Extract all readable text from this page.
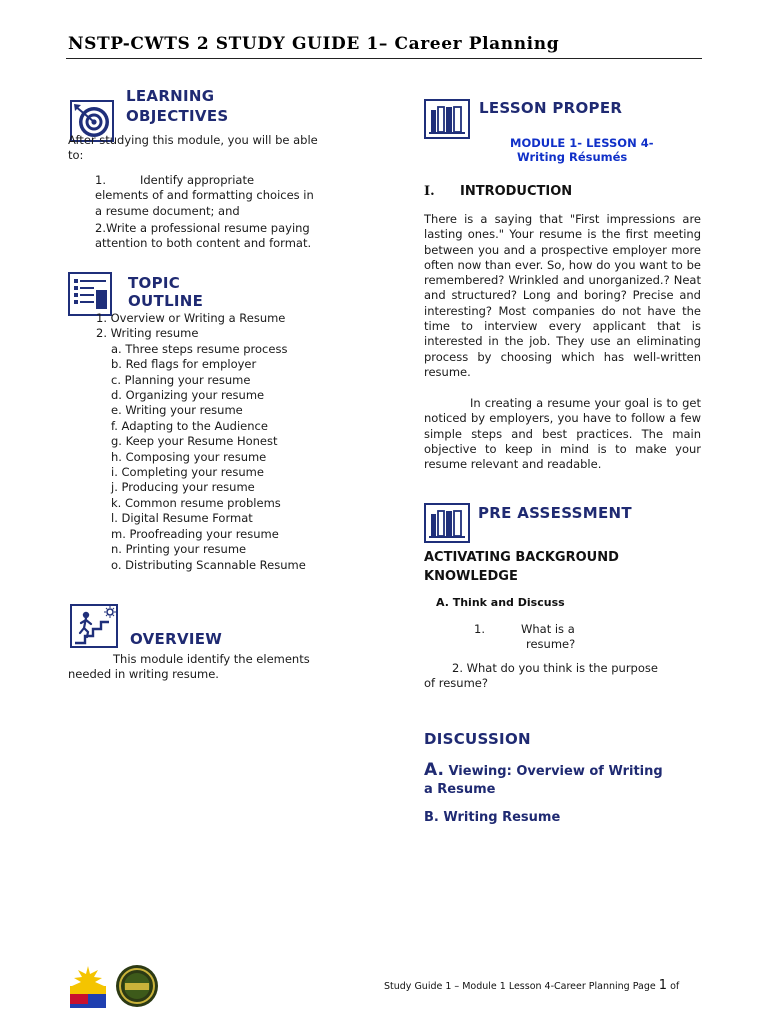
NSTP-CWTS 2 STUDY GUIDE 1– Career Planning
LEARNING
OBJECTIVES
After studying this module, you will be able
to:
1.	Identify appropriate
elements of and formatting choices in
a resume document; and
2.Write a professional resume paying
attention to both content and format.
TOPIC
OUTLINE
1. Overview or Writing a Resume
2. Writing resume
a. Three steps resume process
b. Red flags for employer
c. Planning your resume
d. Organizing your resume
e. Writing your resume
f. Adapting to the Audience
g. Keep your Resume Honest
h. Composing your resume
i. Completing your resume
j. Producing your resume
k. Common resume problems
l. Digital Resume Format
m. Proofreading your resume
n. Printing your resume
o. Distributing Scannable Resume
OVERVIEW
This module identify the elements
needed in writing resume.
LESSON PROPER
MODULE 1- LESSON 4-
Writing Résumés
I. INTRODUCTION
There is a saying that "First impressions are lasting ones." Your resume is the first meeting between you and a prospective employer more often now than ever. So, how do you want to be remembered? Wrinkled and unorganized.? Neat and structured? Long and boring? Precise and interesting? Most companies do not have the time to interview every applicant that is interested in the job. They use an eliminating process by choosing which has well-written resume.
In creating a resume your goal is to get noticed by employers, you have to follow a few simple steps and best practices. The main objective to keep in mind is to make your resume relevant and readable.
PRE ASSESSMENT
ACTIVATING BACKGROUND
KNOWLEDGE
A. Think and Discuss
1.	What is a
resume?
2. What do you think is the purpose
of resume?
DISCUSSION
A. Viewing: Overview of Writing
a Resume
B. Writing Resume
Study Guide 1 – Module 1 Lesson 4-Career Planning Page 1 of
